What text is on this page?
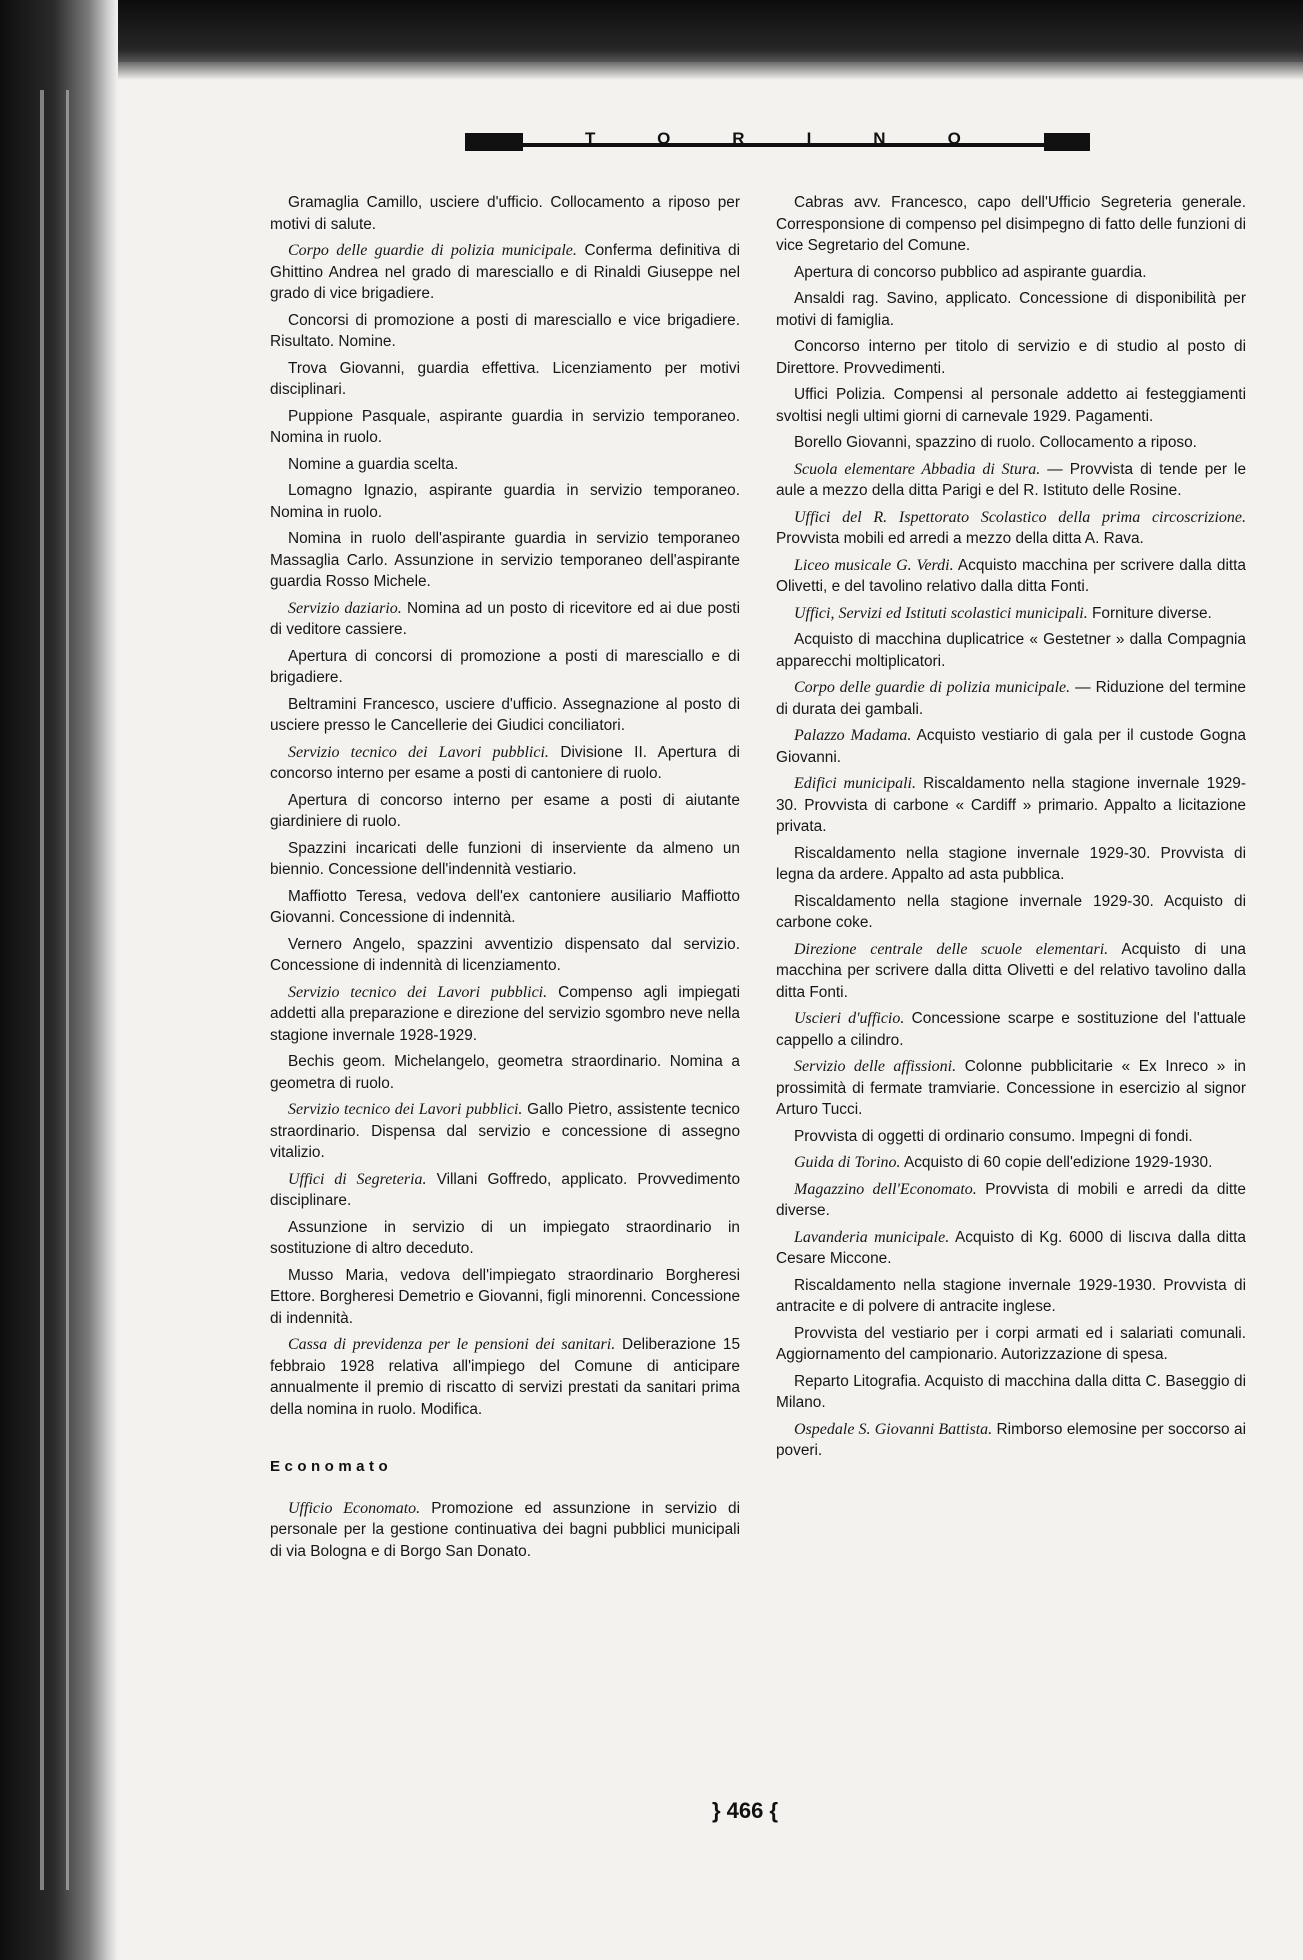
TORINO

Gramaglia Camillo, usciere d'ufficio. Collocamento a riposo per motivi di salute.

Corpo delle guardie di polizia municipale. Conferma definitiva di Ghittino Andrea nel grado di maresciallo e di Rinaldi Giuseppe nel grado di vice brigadiere.

Concorsi di promozione a posti di maresciallo e vice brigadiere. Risultato. Nomine.

Trova Giovanni, guardia effettiva. Licenziamento per motivi disciplinari.

Puppione Pasquale, aspirante guardia in servizio temporaneo. Nomina in ruolo.

Nomine a guardia scelta.

Lomagno Ignazio, aspirante guardia in servizio temporaneo. Nomina in ruolo.

Nomina in ruolo dell'aspirante guardia in servizio temporaneo Massaglia Carlo. Assunzione in servizio temporaneo dell'aspirante guardia Rosso Michele.

Servizio daziario. Nomina ad un posto di ricevitore ed ai due posti di veditore cassiere.

Apertura di concorsi di promozione a posti di maresciallo e di brigadiere.

Beltramini Francesco, usciere d'ufficio. Assegnazione al posto di usciere presso le Cancellerie dei Giudici conciliatori.

Servizio tecnico dei Lavori pubblici. Divisione II. Apertura di concorso interno per esame a posti di cantoniere di ruolo.

Apertura di concorso interno per esame a posti di aiutante giardiniere di ruolo.

Spazzini incaricati delle funzioni di inserviente da almeno un biennio. Concessione dell'indennità vestiario.

Maffiotto Teresa, vedova dell'ex cantoniere ausiliario Maffiotto Giovanni. Concessione di indennità.

Vernero Angelo, spazzini avventizio dispensato dal servizio. Concessione di indennità di licenziamento.

Servizio tecnico dei Lavori pubblici. Compenso agli impiegati addetti alla preparazione e direzione del servizio sgombro neve nella stagione invernale 1928-1929.

Bechis geom. Michelangelo, geometra straordinario. Nomina a geometra di ruolo.

Servizio tecnico dei Lavori pubblici. Gallo Pietro, assistente tecnico straordinario. Dispensa dal servizio e concessione di assegno vitalizio.

Uffici di Segreteria. Villani Goffredo, applicato. Provvedimento disciplinare.

Assunzione in servizio di un impiegato straordinario in sostituzione di altro deceduto.

Musso Maria, vedova dell'impiegato straordinario Borgheresi Ettore. Borgheresi Demetrio e Giovanni, figli minorenni. Concessione di indennità.

Cassa di previdenza per le pensioni dei sanitari. Deliberazione 15 febbraio 1928 relativa all'impiego del Comune di anticipare annualmente il premio di riscatto di servizi prestati da sanitari prima della nomina in ruolo. Modifica.

Economato

Ufficio Economato. Promozione ed assunzione in servizio di personale per la gestione continuativa dei bagni pubblici municipali di via Bologna e di Borgo San Donato.

Cabras avv. Francesco, capo dell'Ufficio Segreteria generale. Corresponsione di compenso pel disimpegno di fatto delle funzioni di vice Segretario del Comune.

Apertura di concorso pubblico ad aspirante guardia.

Ansaldi rag. Savino, applicato. Concessione di disponibilità per motivi di famiglia.

Concorso interno per titolo di servizio e di studio al posto di Direttore. Provvedimenti.

Uffici Polizia. Compensi al personale addetto ai festeggiamenti svoltisi negli ultimi giorni di carnevale 1929. Pagamenti.

Borello Giovanni, spazzino di ruolo. Collocamento a riposo.

Scuola elementare Abbadia di Stura. — Provvista di tende per le aule a mezzo della ditta Parigi e del R. Istituto delle Rosine.

Uffici del R. Ispettorato Scolastico della prima circoscrizione. Provvista mobili ed arredi a mezzo della ditta A. Rava.

Liceo musicale G. Verdi. Acquisto macchina per scrivere dalla ditta Olivetti, e del tavolino relativo dalla ditta Fonti.

Uffici, Servizi ed Istituti scolastici municipali. Forniture diverse.

Acquisto di macchina duplicatrice « Gestetner » dalla Compagnia apparecchi moltiplicatori.

Corpo delle guardie di polizia municipale. — Riduzione del termine di durata dei gambali.

Palazzo Madama. Acquisto vestiario di gala per il custode Gogna Giovanni.

Edifici municipali. Riscaldamento nella stagione invernale 1929-30. Provvista di carbone « Cardiff » primario. Appalto a licitazione privata.

Riscaldamento nella stagione invernale 1929-30. Provvista di legna da ardere. Appalto ad asta pubblica.

Riscaldamento nella stagione invernale 1929-30. Acquisto di carbone coke.

Direzione centrale delle scuole elementari. Acquisto di una macchina per scrivere dalla ditta Olivetti e del relativo tavolino dalla ditta Fonti.

Uscieri d'ufficio. Concessione scarpe e sostituzione del l'attuale cappello a cilindro.

Servizio delle affissioni. Colonne pubblicitarie « Ex Inreco » in prossimità di fermate tramviarie. Concessione in esercizio al signor Arturo Tucci.

Provvista di oggetti di ordinario consumo. Impegni di fondi.

Guida di Torino. Acquisto di 60 copie dell'edizione 1929-1930.

Magazzino dell'Economato. Provvista di mobili e arredi da ditte diverse.

Lavanderia municipale. Acquisto di Kg. 6000 di liscıva dalla ditta Cesare Miccone.

Riscaldamento nella stagione invernale 1929-1930. Provvista di antracite e di polvere di antracite inglese.

Provvista del vestiario per i corpi armati ed i salariati comunali. Aggiornamento del campionario. Autorizzazione di spesa.

Reparto Litografia. Acquisto di macchina dalla ditta C. Baseggio di Milano.

Ospedale S. Giovanni Battista. Rimborso elemosine per soccorso ai poveri.

} 466 {
